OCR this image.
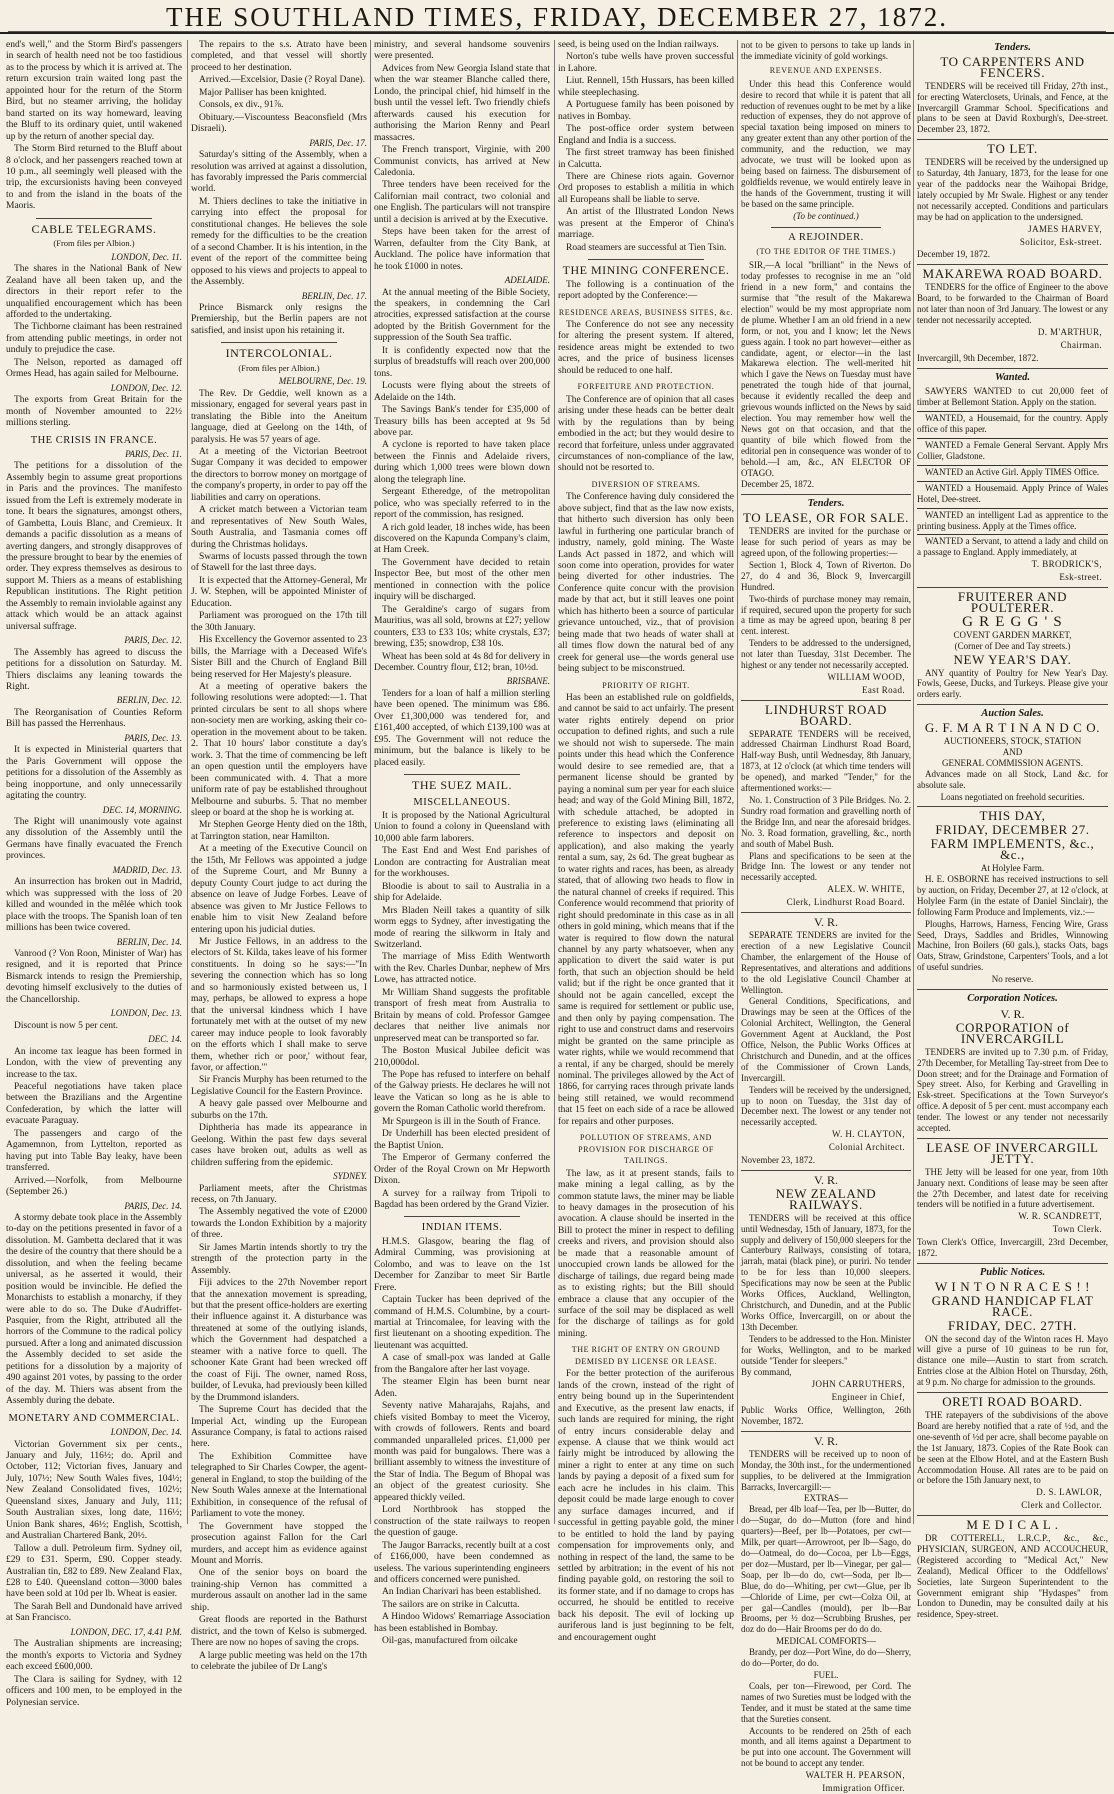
THE SOUTHLAND TIMES, FRIDAY, DECEMBER 27, 1872.

end's well," and the Storm Bird's passengers in search of health need not be too fastidious as to the process by which it is arrived at. The return excursion train waited long past the appointed hour for the return of the Storm Bird, but no steamer arriving, the holiday band started on its way homeward, leaving the Bluff to its ordinary quiet, until wakened up by the return of another special day.

The Storm Bird returned to the Bluff about 8 o'clock, and her passengers reached town at 10 p.m., all seemingly well pleased with the trip, the excursionists having been conveyed to and from the island in the boats of the Maoris.

CABLE TELEGRAMS.
(From files per Albion.)
LONDON, Dec. 11.

The shares in the National Bank of New Zealand have all been taken up, and the directors in their report refer to the unqualified encouragement which has been afforded to the undertaking.

The Tichborne claimant has been restrained from attending public meetings, in order not unduly to prejudice the case.

The Nelson, reported as damaged off Ormes Head, has again sailed for Melbourne.

LONDON, Dec. 12.

The exports from Great Britain for the month of November amounted to 22½ millions sterling.

THE CRISIS IN FRANCE.
PARIS, Dec. 11.

The petitions for a dissolution of the Assembly begin to assume great proportions in Paris and the provinces. The manifesto issued from the Left is extremely moderate in tone. It bears the signatures, amongst others, of Gambetta, Louis Blanc, and Cremieux. It demands a pacific dissolution as a means of averting dangers, and strongly disapproves of the pressure brought to bear by the enemies of order. They express themselves as desirous to support M. Thiers as a means of establishing Republican institutions. The Right petition the Assembly to remain inviolable against any attack which would be an attack against universal suffrage.

PARIS, Dec. 12.

The Assembly has agreed to discuss the petitions for a dissolution on Saturday. M. Thiers disclaims any leaning towards the Right.

BERLIN, Dec. 12.

The Reorganisation of Counties Reform Bill has passed the Herrenhaus.

PARIS, Dec. 13.

It is expected in Ministerial quarters that the Paris Government will oppose the petitions for a dissolution of the Assembly as being inopportune, and only unnecessarily agitating the country.

DEC. 14, MORNING.

The Right will unanimously vote against any dissolution of the Assembly until the Germans have finally evacuated the French provinces.

MADRID, Dec. 13.

An insurrection has broken out in Madrid, which was suppressed with the loss of 20 killed and wounded in the mêlée which took place with the troops. The Spanish loan of ten millions has been twice covered.

BERLIN, Dec. 14.

Vanrood (? Von Roon, Minister of War) has resigned, and it is reported that Prince Bismarck intends to resign the Premiership, devoting himself exclusively to the duties of the Chancellorship.

LONDON, Dec. 13.

Discount is now 5 per cent.

DEC. 14.

An income tax league has been formed in London, with the view of preventing any increase to the tax.

Peaceful negotiations have taken place between the Brazilians and the Argentine Confederation, by which the latter will evacuate Paraguay.

The passengers and cargo of the Agamemnon, from Lyttelton, reported as having put into Table Bay leaky, have been transferred.

Arrived.—Norfolk, from Melbourne (September 26.)

PARIS, Dec. 14.

A stormy debate took place in the Assembly to-day on the petitions presented in favor of a dissolution. M. Gambetta declared that it was the desire of the country that there should be a dissolution, and when the feeling became universal, as he asserted it would, their position would be invincible. He defied the Monarchists to establish a monarchy, if they were able to do so. The Duke d'Audriffet-Pasquier, from the Right, attributed all the horrors of the Commune to the radical policy pursued. After a long and animated discussion the Assembly decided to set aside the petitions for a dissolution by a majority of 490 against 201 votes, by passing to the order of the day. M. Thiers was absent from the Assembly during the debate.

MONETARY AND COMMERCIAL.
LONDON, Dec. 14.

Victorian Government six per cents., January and July, 116½; do. April and October, 112; Victorian fives, January and July, 107½; New South Wales fives, 104½; New Zealand Consolidated fives, 102½; Queensland sixes, January and July, 111; South Australian sixes, long date, 116½; Union Bank shares, 46½; English, Scottish, and Australian Chartered Bank, 20½.

Tallow a dull. Petroleum firm. Sydney oil, £29 to £31. Sperm, £90. Copper steady. Australian tin, £82 to £89. New Zealand Flax, £28 to £40. Queensland cotton—3000 bales have been sold at 10d per lb. Wheat is easier.

The Sarah Bell and Dundonald have arrived at San Francisco.

LONDON, DEC. 17, 4.41 P.M.

The Australian shipments are increasing; the month's exports to Victoria and Sydney each exceed £600,000.

The Clara is sailing for Sydney, with 12 officers and 100 men, to be employed in the Polynesian service.

The repairs to the s.s. Atrato have been completed, and that vessel will shortly proceed to her destination.

Arrived.—Excelsior, Dasie (? Royal Dane).

Major Palliser has been knighted.

Consols, ex div., 91⅞.

Obituary.—Viscountess Beaconsfield (Mrs Disraeli).

PARIS, Dec. 17.

Saturday's sitting of the Assembly, when a resolution was arrived at against a dissolution, has favorably impressed the Paris commercial world.

M. Thiers declines to take the initiative in carrying into effect the proposal for constitutional changes. He believes the sole remedy for the difficulties to be the creation of a second Chamber. It is his intention, in the event of the report of the committee being opposed to his views and projects to appeal to the Assembly.

BERLIN, Dec. 17.

Prince Bismarck only resigns the Premiership, but the Berlin papers are not satisfied, and insist upon his retaining it.

INTERCOLONIAL.
(From files per Albion.)
MELBOURNE, Dec. 19.

The Rev. Dr Geddie, well known as a missionary, engaged for several years past in translating the Bible into the Aneitum language, died at Geelong on the 14th, of paralysis. He was 57 years of age.

At a meeting of the Victorian Beetroot Sugar Company it was decided to empower the directors to borrow money on mortgage of the company's property, in order to pay off the liabilities and carry on operations.

A cricket match between a Victorian team and representatives of New South Wales, South Australia, and Tasmania comes off during the Christmas holidays.

Swarms of locusts passed through the town of Stawell for the last three days.

It is expected that the Attorney-General, Mr J. W. Stephen, will be appointed Minister of Education.

Parliament was prorogued on the 17th till the 30th January.

His Excellency the Governor assented to 23 bills, the Marriage with a Deceased Wife's Sister Bill and the Church of England Bill being reserved for Her Majesty's pleasure.

At a meeting of operative bakers the following resolutions were adopted:—1. That printed circulars be sent to all shops where non-society men are working, asking their co-operation in the movement about to be taken. 2. That 10 hours' labor constitute a day's work. 3. That the time of commencing be left an open question until the employers have been communicated with. 4. That a more uniform rate of pay be established throughout Melbourne and suburbs. 5. That no member sleep or board at the shop he is working at.

Mr Stephen George Henty died on the 18th, at Tarrington station, near Hamilton.

At a meeting of the Executive Council on the 15th, Mr Fellows was appointed a judge of the Supreme Court, and Mr Bunny a deputy County Court judge to act during the absence on leave of Judge Forbes. Leave of absence was given to Mr Justice Fellows to enable him to visit New Zealand before entering upon his judicial duties.

Mr Justice Fellows, in an address to the electors of St. Kilda, takes leave of his former constituents. In doing so he says:—"In severing the connection which has so long and so harmoniously existed between us, I may, perhaps, be allowed to express a hope that the universal kindness which I have fortunately met with at the outset of my new career may induce people to look favorably on the efforts which I shall make to serve them, whether rich or poor,' without fear, favor, or affection.'"

Sir Francis Murphy has been returned to the Legislative Council for the Eastern Province.

A heavy gale passed over Melbourne and suburbs on the 17th.

Diphtheria has made its appearance in Geelong. Within the past few days several cases have broken out, adults as well as children suffering from the epidemic.

SYDNEY.

Parliament meets, after the Christmas recess, on 7th January.

The Assembly negatived the vote of £2000 towards the London Exhibition by a majority of three.

Sir James Martin intends shortly to try the strength of the protection party in the Assembly.

Fiji advices to the 27th November report that the annexation movement is spreading, but that the present office-holders are exerting their influence against it. A disturbance was threatened at some of the outlying islands, which the Government had despatched a steamer with a native force to quell. The schooner Kate Grant had been wrecked off the coast of Fiji. The owner, named Ross, builder, of Levuka, had previously been killed by the Drummond islanders.

The Supreme Court has decided that the Imperial Act, winding up the European Assurance Company, is fatal to actions raised here.

The Exhibition Committee have telegraphed to Sir Charles Cowper, the agent-general in England, to stop the building of the New South Wales annexe at the International Exhibition, in consequence of the refusal of Parliament to vote the money.

The Government have stopped the prosecution against Fallon for the Carl murders, and accept him as evidence against Mount and Morris.

One of the senior boys on board the training-ship Vernon has committed a murderous assault on another lad in the same ship.

Great floods are reported in the Bathurst district, and the town of Kelso is submerged. There are now no hopes of saving the crops.

A large public meeting was held on the 17th to celebrate the jubilee of Dr Lang's

ministry, and several handsome souvenirs were presented.

Advices from New Georgia Island state that when the war steamer Blanche called there, Londo, the principal chief, hid himself in the bush until the vessel left. Two friendly chiefs afterwards caused his execution for authorising the Marion Renny and Pearl massacres.

The French transport, Virginie, with 200 Communist convicts, has arrived at New Caledonia.

Three tenders have been received for the Californian mail contract, two colonial and one English. The particulars will not transpire until a decision is arrived at by the Executive.

Steps have been taken for the arrest of Warren, defaulter from the City Bank, at Auckland. The police have information that he took £1000 in notes.

ADELAIDE.

At the annual meeting of the Bible Society, the speakers, in condemning the Carl atrocities, expressed satisfaction at the course adopted by the British Government for the suppression of the South Sea traffic.

It is confidently expected now that the surplus of breadstuffs will reach over 200,000 tons.

Locusts were flying about the streets of Adelaide on the 14th.

The Savings Bank's tender for £35,000 of Treasury bills has been accepted at 9s 5d above par.

A cyclone is reported to have taken place between the Finnis and Adelaide rivers, during which 1,000 trees were blown down along the telegraph line.

Sergeant Etheredge, of the metropolitan police, who was specially referred to in the report of the commission, has resigned.

A rich gold leader, 18 inches wide, has been discovered on the Kapunda Company's claim, at Ham Creek.

The Government have decided to retain Inspector Bee, but most of the other men mentioned in connection with the police inquiry will be discharged.

The Geraldine's cargo of sugars from Mauritius, was all sold, browns at £27; yellow counters, £33 to £33 10s; white crystals, £37; brewing, £35; snowdrop, £38 10s.

Wheat has been sold at 4s 8d for delivery in December. Country flour, £12; bran, 10½d.

BRISBANE.

Tenders for a loan of half a million sterling have been opened. The minimum was £86. Over £1,300,000 was tendered for, and £161,400 accepted, of which £139,100 was at £95. The Government will not reduce the minimum, but the balance is likely to be placed easily.

THE SUEZ MAIL.
MISCELLANEOUS.

It is proposed by the National Agricultural Union to found a colony in Queensland with 10,000 able farm laborers.

The East End and West End parishes of London are contracting for Australian meat for the workhouses.

Bloodie is about to sail to Australia in a ship for Adelaide.

Mrs Bladen Neill takes a quantity of silk worm eggs to Sydney, after investigating the mode of rearing the silkworm in Italy and Switzerland.

The marriage of Miss Edith Wentworth with the Rev. Charles Dunbar, nephew of Mrs Lowe, has attracted notice.

Mr William Shand suggests the profitable transport of fresh meat from Australia to Britain by means of cold. Professor Gamgee declares that neither live animals nor unpreserved meat can be transported so far.

The Boston Musical Jubilee deficit was 210,000dol.

The Pope has refused to interfere on behalf of the Galway priests. He declares he will not leave the Vatican so long as he is able to govern the Roman Catholic world therefrom.

Mr Spurgeon is ill in the South of France.

Dr Underhill has been elected president of the Baptist Union.

The Emperor of Germany conferred the Order of the Royal Crown on Mr Hepworth Dixon.

A survey for a railway from Tripoli to Bagdad has been ordered by the Grand Vizier.

INDIAN ITEMS.

H.M.S. Glasgow, bearing the flag of Admiral Cumming, was provisioning at Colombo, and was to leave on the 1st December for Zanzibar to meet Sir Bartle Frere.

Captain Tucker has been deprived of the command of H.M.S. Columbine, by a court-martial at Trincomalee, for leaving with the first lieutenant on a shooting expedition. The lieutenant was acquitted.

A case of small-pox was landed at Galle from the Bangalore after her last voyage.

The steamer Elgin has been burnt near Aden.

Seventy native Maharajahs, Rajahs, and chiefs visited Bombay to meet the Viceroy, with crowds of followers. Rents and board commanded unparalleled prices. £1,000 per month was paid for bungalows. There was a brilliant assembly to witness the investiture of the Star of India. The Begum of Bhopal was an object of the greatest curiosity. She appeared thickly veiled.

Lord Northbrook has stopped the construction of the state railways to reopen the question of gauge.

The Jaugor Barracks, recently built at a cost of £166,000, have been condemned as useless. The various superintending engineers and officers concerned were punished.

An Indian Charivari has been established.

The sailors are on strike in Calcutta.

A Hindoo Widows' Remarriage Association has been established in Bombay.

Oil-gas, manufactured from oilcake

seed, is being used on the Indian railways.

Norton's tube wells have proven successful in Lahore.

Liut. Rennell, 15th Hussars, has been killed while steeplechasing.

A Portuguese family has been poisoned by natives in Bombay.

The post-office order system between England and India is a success.

The first street tramway has been finished in Calcutta.

There are Chinese riots again. Governor Ord proposes to establish a militia in which all Europeans shall be liable to serve.

An artist of the Illustrated London News was present at the Emperor of China's marriage.

Road steamers are successful at Tien Tsin.

THE MINING CONFERENCE.

The following is a continuation of the report adopted by the Conference:—

RESIDENCE AREAS, BUSINESS SITES, &c.

The Conference do not see any necessity for altering the present system. If altered, residence areas might be extended to two acres, and the price of business licenses should be reduced to one half.

FORFEITURE AND PROTECTION.

The Conference are of opinion that all cases arising under these heads can be better dealt with by the regulations than by being embodied in the act; but they would desire to record that forfeiture, unless under aggravated circumstances of non-compliance of the law, should not be resorted to.

DIVERSION OF STREAMS.

The Conference having duly considered the above subject, find that as the law now exists, that hitherto such diversion has only been lawful in furthering one particular branch of industry, namely, gold mining. The Waste Lands Act passed in 1872, and which will soon come into operation, provides for water being diverted for other industries. The Conference quite concur with the provision made by that act, but it still leaves one point which has hitherto been a source of particular grievance untouched, viz., that of provision being made that two heads of water shall at all times flow down the natural bed of any creek for general use—the words general use being subject to be misconstrued.

PRIORITY OF RIGHT.

Has been an established rule on goldfields, and cannot be said to act unfairly. The present water rights entirely depend on prior occupation to defined rights, and such a rule we should not wish to supersede. The main points under this head which the Conference would desire to see remedied are, that a permanent license should be granted by paying a nominal sum per year for each sluice head; and way of the Gold Mining Bill, 1872, with schedule attached, be adopted in preference to existing laws (eliminating all reference to inspectors and deposit on application), and also making the yearly rental a sum, say, 2s 6d. The great bugbear as to water rights and races, has been, as already stated, that of allowing two heads to flow in the natural channel of creeks if required. This Conference would recommend that priority of right should predominate in this case as in all others in gold mining, which means that if the water is required to flow down the natural channel by any party whatsoever, when any application to divert the said water is put forth, that such an objection should be held valid; but if the right be once granted that it should not be again cancelled, except the same is required for settlement or public use, and then only by paying compensation. The right to use and construct dams and reservoirs might be granted on the same principle as water rights, while we would recommend that a rental, if any be charged, should be merely nominal. The privileges allowed by the Act of 1866, for carrying races through private lands being still retained, we would recommend that 15 feet on each side of a race be allowed for repairs and other purposes.

POLLUTION OF STREAMS, AND PROVISION FOR DISCHARGE OF TAILINGS.

The law, as it at present stands, fails to make mining a legal calling, as by the common statute laws, the miner may be liable to heavy damages in the prosecution of his avocation. A clause should be inserted in the Bill to protect the miner in respect to defiling creeks and rivers, and provision should also be made that a reasonable amount of unoccupied crown lands be allowed for the discharge of tailings, due regard being made as to existing rights; but the Bill should embrace a clause that any occupier of the surface of the soil may be displaced as well for the discharge of tailings as for gold mining.

THE RIGHT OF ENTRY ON GROUND DEMISED BY LICENSE OR LEASE.

For the better protection of the auriferous lands of the crown, instead of the right of entry being bound up in the Superintendent and Executive, as the present law enacts, if such lands are required for mining, the right of entry incurs considerable delay and expense. A clause that we think would act fairly might be introduced by allowing the miner a right to enter at any time on such lands by paying a deposit of a fixed sum for each acre he includes in his claim. This deposit could be made large enough to cover any surface damages incurred, and if successful in getting payable gold, the miner to be entitled to hold the land by paying compensation for improvements only, and nothing in respect of the land, the same to be settled by arbitration; in the event of his not finding payable gold, on restoring the soil to its former state, and if no damage to crops has occurred, he should be entitled to receive back his deposit. The evil of locking up auriferous land is just beginning to be felt, and encouragement ought

not to be given to persons to take up lands in the immediate vicinity of gold workings.

REVENUE AND EXPENSES.

Under this head this Conference would desire to record that while it is patent that all reduction of revenues ought to be met by a like reduction of expenses, they do not approve of special taxation being imposed on miners to any greater extent than any other portion of the community, and the reduction, we may advocate, we trust will be looked upon as being based on fairness. The disbursement of goldfields revenue, we would entirely leave in the hands of the Government, trusting it will be based on the same principle.

(To be continued.)
A REJOINDER.
(TO THE EDITOR OF THE TIMES.)

SIR,—A local "brilliant" in the News of today professes to recognise in me an "old friend in a new form," and contains the surmise that "the result of the Makarewa election" would be my most appropriate nom de plume. Whether I am an old friend in a new form, or not, you and I know; let the News guess again. I took no part however—either as candidate, agent, or elector—in the last Makarewa election. The well-merited hit which I gave the News on Tuesday must have penetrated the tough hide of that journal, because it evidently recalled the deep and grievous wounds inflicted on the News by said election. You may remember how well the News got on that occasion, and that the quantity of bile which flowed from the editorial pen in consequence was wonder of to behold.—I am, &c., AN ELECTOR OF OTAGO.

December 25, 1872.

Tenders.
TO LEASE, OR FOR SALE.

TENDERS are invited for the purchase or lease for such period of years as may be agreed upon, of the following properties:—

Section 1, Block 4, Town of Riverton. Do 27, do 4 and 36, Block 9, Invercargill Hundred.

Two-thirds of purchase money may remain, if required, secured upon the property for such a time as may be agreed upon, bearing 8 per cent. interest.

Tenders to be addressed to the undersigned, not later than Tuesday, 31st December. The highest or any tender not necessarily accepted.

WILLIAM WOOD,
East Road.
LINDHURST ROAD BOARD.

SEPARATE TENDERS will be received, addressed Chairman Lindhurst Road Board, Half-way Bush, until Wednesday, 8th January, 1873, at 12 o'clock (at which time tenders will be opened), and marked "Tender," for the aftermentioned works:—

No. 1. Construction of 3 Pile Bridges. No. 2. Sundry road formation and gravelling north of the Bridge Inn, and near the aforesaid bridges. No. 3. Road formation, gravelling, &c., north and south of Mabel Bush.

Plans and specifications to be seen at the Bridge Inn. The lowest or any tender not necessarily accepted.

ALEX. W. WHITE,
Clerk, Lindhurst Road Board.
V. R.

SEPARATE TENDERS are invited for the erection of a new Legislative Council Chamber, the enlargement of the House of Representatives, and alterations and additions to the old Legislative Council Chamber at Wellington.

General Conditions, Specifications, and Drawings may be seen at the Offices of the Colonial Architect, Wellington, the General Government Agent at Auckland, the Post Office, Nelson, the Public Works Offices at Christchurch and Dunedin, and at the offices of the Commissioner of Crown Lands, Invercargill.

Tenders will be received by the undersigned, up to noon on Tuesday, the 31st day of December next. The lowest or any tender not necessarily accepted.

W. H. CLAYTON,
Colonial Architect.

November 23, 1872.

V. R.
NEW ZEALAND RAILWAYS.

TENDERS will be received at this office until Wednesday, 15th of January, 1873, for the supply and delivery of 150,000 sleepers for the Canterbury Railways, consisting of totara, jarrah, matai (black pine), or puriri. No tender to be for less than 10,000 sleepers. Specifications may now be seen at the Public Works Offices, Auckland, Wellington, Christchurch, and Dunedin, and at the Public Works Office, Invercargill, on or about the 13th December.

Tenders to be addressed to the Hon. Minister for Works, Wellington, and to be marked outside "Tender for sleepers."

By command,

JOHN CARRUTHERS,
Engineer in Chief,

Public Works Office, Wellington, 26th November, 1872.

V. R.

TENDERS will be received up to noon of Monday, the 30th inst., for the undermentioned supplies, to be delivered at the Immigration Barracks, Invercargill:—

EXTRAS—

Bread, per 4lb loaf—Tea, per lb—Butter, do do—Sugar, do do—Mutton (fore and hind quarters)—Beef, per lb—Potatoes, per cwt—Milk, per quart—Arrowroot, per lb—Sago, do do—Oatmeal, do do—Cocoa, per Lb—Eggs, per doz—Mustard, per lb—Vinegar, per gal—Soap, per lb—do do, cwt—Soda, per lb—Blue, do do—Whiting, per cwt—Glue, per lb—Chloride of Lime, per cwt—Colza Oil, at per gal—Candles (mould), per lb—Bar Brooms, per ½ doz—Scrubbing Brushes, per doz do do—Hair Brooms per do do do.

MEDICAL COMFORTS—

Brandy, per doz—Port Wine, do do—Sherry, do do—Porter, do do.

FUEL.

Coals, per ton—Firewood, per Cord. The names of two Sureties must be lodged with the Tender, and it must be stated at the same time that the Sureties consent.

Accounts to be rendered on 25th of each month, and all items against a Department to be put into one account. The Government will not be bound to accept any tender.

WALTER H. PEARSON,
Immigration Officer.
Tenders.
TO CARPENTERS AND FENCERS.

TENDERS will be received till Friday, 27th inst., for erecting Waterclosets, Urinals, and Fence, at the Invercargill Grammar School. Specifications and plans to be seen at David Roxburgh's, Dee-street. December 23, 1872.

TO LET.

TENDERS will be received by the undersigned up to Saturday, 4th January, 1873, for the lease for one year of the paddocks near the Waihopai Bridge, lately occupied by Mr Swale. Highest or any tender not necessarily accepted. Conditions and particulars may be had on application to the undersigned.

JAMES HARVEY,
Solicitor, Esk-street.

December 19, 1872.

MAKAREWA ROAD BOARD.

TENDERS for the office of Engineer to the above Board, to be forwarded to the Chairman of Board not later than noon of 3rd January. The lowest or any tender not necessarily accepted.

D. M'ARTHUR,
Chairman.

Invercargill, 9th December, 1872.

Wanted.

SAWYERS WANTED to cut 20,000 feet of timber at Bellemont Station. Apply on the station.

WANTED, a Housemaid, for the country. Apply office of this paper.

WANTED a Female General Servant. Apply Mrs Collier, Gladstone.

WANTED an Active Girl. Apply TIMES Office.

WANTED a Housemaid. Apply Prince of Wales Hotel, Dee-street.

WANTED an intelligent Lad as apprentice to the printing business. Apply at the Times office.

WANTED a Servant, to attend a lady and child on a passage to England. Apply immediately, at

T. BRODRICK'S,
Esk-street.
FRUITERER AND POULTERER.
G R E G G ' S
COVENT GARDEN MARKET,
(Corner of Dee and Tay streets.)
NEW YEAR'S DAY.

ANY quantity of Poultry for New Year's Day. Fowls, Geese, Ducks, and Turkeys. Please give your orders early.

Auction Sales.
G. F. M A R T I N A N D C O.
AUCTIONEERS, STOCK, STATION
AND
GENERAL COMMISSION AGENTS.

Advances made on all Stock, Land &c. for absolute sale.

Loans negotiated on freehold securities.
THIS DAY,
FRIDAY, DECEMBER 27.
FARM IMPLEMENTS, &c., &c.,
At Holylee Farm.

H. E. OSBORNE has received instructions to sell by auction, on Friday, December 27, at 12 o'clock, at Holylee Farm (in the estate of Daniel Sinclair), the following Farm Produce and Implements, viz.:—

Ploughs, Harrows, Harness, Fencing Wire, Grass Seed, Drays, Saddles and Bridles, Winnowing Machine, Iron Boilers (60 gals.), stacks Oats, bags Oats, Straw, Grindstone, Carpenters' Tools, and a lot of useful sundries.

No reserve.
Corporation Notices.
V. R.
CORPORATION of INVERCARGILL

TENDERS are invited up to 7.30 p.m. of Friday, 27th December, for Metalling Tay-street from Dee to Doon street; and for the Drainage and Formation of Spey street. Also, for Kerbing and Gravelling in Esk-street. Specifications at the Town Surveyor's office. A deposit of 5 per cent. must accompany each tender. The lowest or any tender not necessarily accepted.

LEASE OF INVERCARGILL JETTY.

THE Jetty will be leased for one year, from 10th January next. Conditions of lease may be seen after the 27th December, and latest date for receiving tenders will be notified in a future advertisement.

W. R. SCANDRETT,
Town Clerk.

Town Clerk's Office, Invercargill, 23rd December, 1872.

Public Notices.
W I N T O N R A C E S ! !
GRAND HANDICAP FLAT RACE.
FRIDAY, DEC. 27TH.

ON the second day of the Winton races H. Mayo will give a purse of 10 guineas to be run for, distance one mile—Austin to start from scratch. Entries close at the Albion Hotel on Thursday, 26th, at 9 p.m. No charge for admission to the grounds.

ORETI ROAD BOARD.

THE ratepayers of the subdivisions of the above Board are hereby notified that a rate of ½d, and the one-seventh of ½d per acre, shall become payable on the 1st January, 1873. Copies of the Rate Book can be seen at the Elbow Hotel, and at the Eastern Bush Accommodation House. All rates are to be paid on or before the 15th January next, to

D. S. LAWLOR,
Clerk and Collector.
M E D I C A L .

DR COTTERELL, L.R.C.P., &c., &c., PHYSICIAN, SURGEON, AND ACCOUCHEUR, (Registered according to "Medical Act," New Zealand), Medical Officer to the Oddfellows' Societies, late Surgeon Superintendent to the Government emigrant ship "Hydaspes" from London to Dunedin, may be consulted daily at his residence, Spey-street.
